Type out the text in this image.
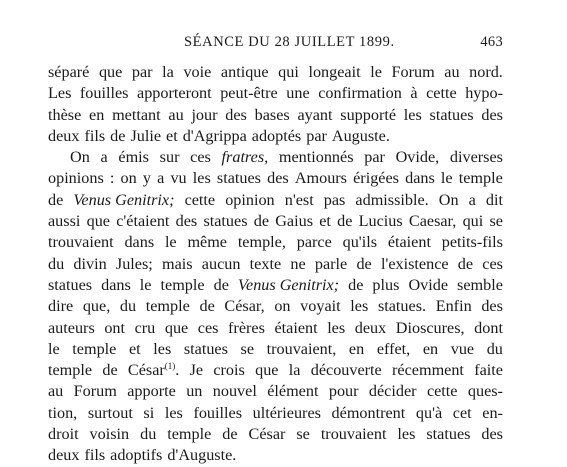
SÉANCE DU 28 JUILLET 1899.	463
séparé que par la voie antique qui longeait le Forum au nord.
Les fouilles apporteront peut-être une confirmation à cette hypo-
thèse en mettant au jour des bases ayant supporté les statues des
deux fils de Julie et d'Agrippa adoptés par Auguste.
On a émis sur ces fratres, mentionnés par Ovide, diverses
opinions : on y a vu les statues des Amours érigées dans le temple
de Venus Genitrix; cette opinion n'est pas admissible. On a dit
aussi que c'étaient des statues de Gaius et de Lucius Caesar, qui se
trouvaient dans le même temple, parce qu'ils étaient petits-fils
du divin Jules; mais aucun texte ne parle de l'existence de ces
statues dans le temple de Venus Genitrix; de plus Ovide semble
dire que, du temple de César, on voyait les statues. Enfin des
auteurs ont cru que ces frères étaient les deux Dioscures, dont
le temple et les statues se trouvaient, en effet, en vue du
temple de César$^{(1)}$. Je crois que la découverte récemment faite
au Forum apporte un nouvel élément pour décider cette ques-
tion, surtout si les fouilles ultérieures démontrent qu'à cet en-
droit voisin du temple de César se trouvaient les statues des
deux fils adoptifs d'Auguste.
